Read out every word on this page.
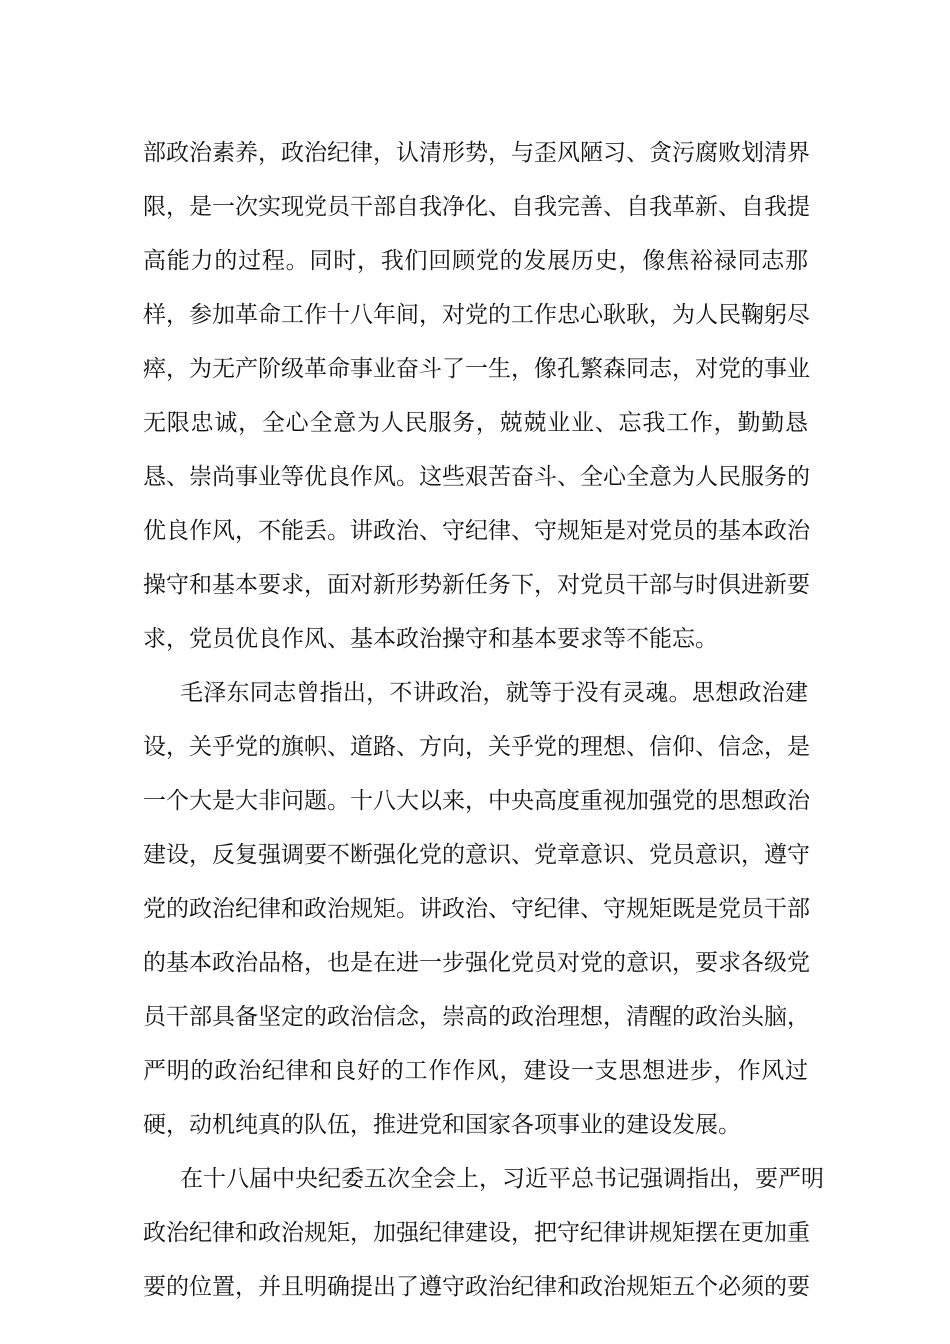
部政治素养，政治纪律，认清形势，与歪风陋习、贪污腐败划清界
限，是一次实现党员干部自我净化、自我完善、自我革新、自我提
高能力的过程。同时，我们回顾党的发展历史，像焦裕禄同志那
样，参加革命工作十八年间，对党的工作忠心耿耿，为人民鞠躬尽
瘁，为无产阶级革命事业奋斗了一生，像孔繁森同志，对党的事业
无限忠诚，全心全意为人民服务，兢兢业业、忘我工作，勤勤恳
恳、崇尚事业等优良作风。这些艰苦奋斗、全心全意为人民服务的
优良作风，不能丢。讲政治、守纪律、守规矩是对党员的基本政治
操守和基本要求，面对新形势新任务下，对党员干部与时俱进新要
求，党员优良作风、基本政治操守和基本要求等不能忘。
毛泽东同志曾指出，不讲政治，就等于没有灵魂。思想政治建
设，关乎党的旗帜、道路、方向，关乎党的理想、信仰、信念，是
一个大是大非问题。十八大以来，中央高度重视加强党的思想政治
建设，反复强调要不断强化党的意识、党章意识、党员意识，遵守
党的政治纪律和政治规矩。讲政治、守纪律、守规矩既是党员干部
的基本政治品格，也是在进一步强化党员对党的意识，要求各级党
员干部具备坚定的政治信念，崇高的政治理想，清醒的政治头脑，
严明的政治纪律和良好的工作作风，建设一支思想进步，作风过
硬，动机纯真的队伍，推进党和国家各项事业的建设发展。
在十八届中央纪委五次全会上，习近平总书记强调指出，要严明
政治纪律和政治规矩，加强纪律建设，把守纪律讲规矩摆在更加重
要的位置，并且明确提出了遵守政治纪律和政治规矩五个必须的要
